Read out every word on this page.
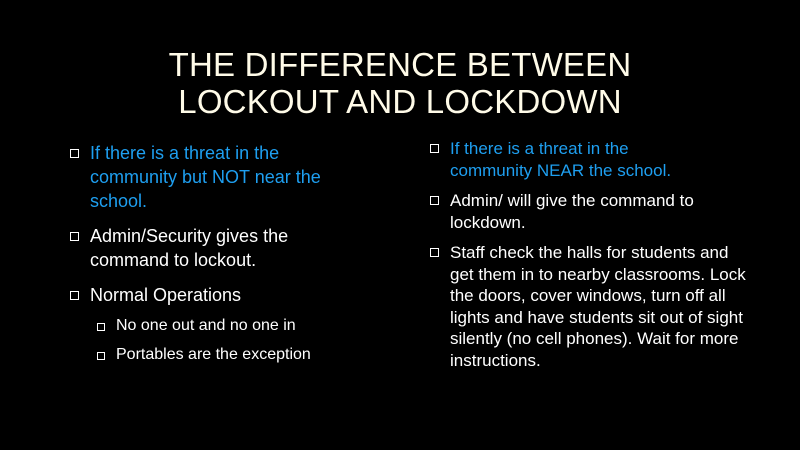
THE DIFFERENCE BETWEEN
LOCKOUT AND LOCKDOWN
If there is a threat in the community but NOT near the school.
Admin/Security gives the command to lockout.
Normal Operations
No one out and no one in
Portables are the exception
If there is a threat in the community NEAR the school.
Admin/ will give the command to lockdown.
Staff check the halls for students and get them in to nearby classrooms. Lock the doors, cover windows, turn off all lights and have students sit out of sight silently (no cell phones). Wait for more instructions.
